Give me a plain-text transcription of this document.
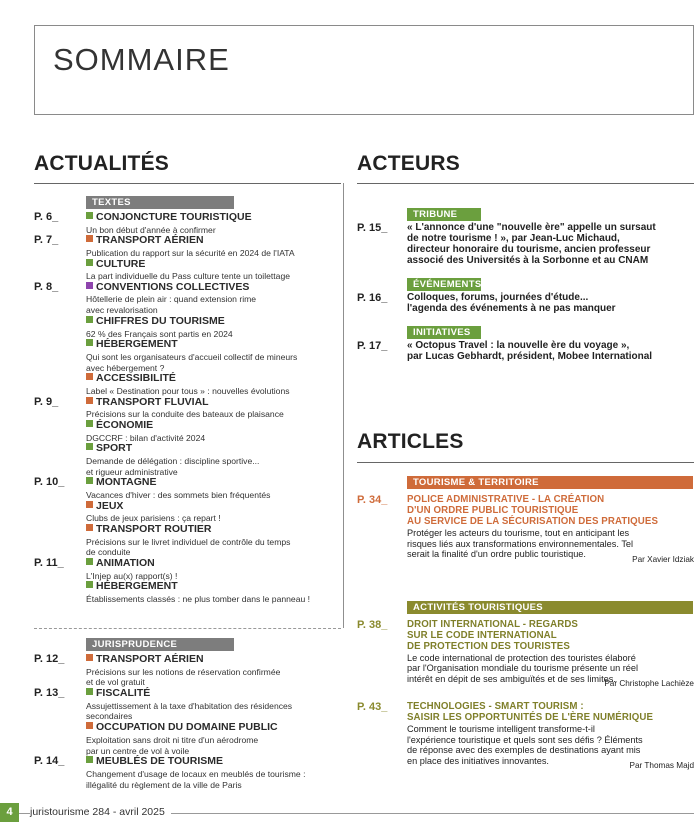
SOMMAIRE
ACTUALITÉS	ACTEURS
ARTICLES
TEXTES
P. 6_	CONJONCTURE TOURISTIQUE
Un bon début d'année à confirmer
P. 7_	TRANSPORT AÉRIEN
Publication du rapport sur la sécurité en 2024 de l'IATA
CULTURE
La part individuelle du Pass culture tente un toilettage
P. 8_	CONVENTIONS COLLECTIVES
Hôtellerie de plein air : quand extension rime
avec revalorisation
CHIFFRES DU TOURISME
62 % des Français sont partis en 2024
HÉBERGEMENT
Qui sont les organisateurs d'accueil collectif de mineurs
avec hébergement ?
ACCESSIBILITÉ
Label « Destination pour tous » : nouvelles évolutions
P. 9_	TRANSPORT FLUVIAL
Précisions sur la conduite des bateaux de plaisance
ÉCONOMIE
DGCCRF : bilan d'activité 2024
SPORT
Demande de délégation : discipline sportive...
et rigueur administrative
P. 10_	MONTAGNE
Vacances d'hiver : des sommets bien fréquentés
JEUX
Clubs de jeux parisiens : ça repart !
TRANSPORT ROUTIER
Précisions sur le livret individuel de contrôle du temps
de conduite
P. 11_	ANIMATION
L'Injep au(x) rapport(s) !
HÉBERGEMENT
Établissements classés : ne plus tomber dans le panneau !
JURISPRUDENCE
P. 12_	TRANSPORT AÉRIEN
Précisions sur les notions de réservation confirmée
et de vol gratuit
P. 13_	FISCALITÉ
Assujettissement à la taxe d'habitation des résidences
secondaires
OCCUPATION DU DOMAINE PUBLIC
Exploitation sans droit ni titre d'un aérodrome
par un centre de vol à voile
P. 14_	MEUBLÉS DE TOURISME
Changement d'usage de locaux en meublés de tourisme :
illégalité du règlement de la ville de Paris
TRIBUNE
P. 15_ « L'annonce d'une "nouvelle ère" appelle un sursaut
de notre tourisme ! », par Jean-Luc Michaud,
directeur honoraire du tourisme, ancien professeur
associé des Universités à la Sorbonne et au CNAM
ÉVÉNEMENTS
P. 16_ Colloques, forums, journées d'étude...
l'agenda des événements à ne pas manquer
INITIATIVES
P. 17_ « Octopus Travel : la nouvelle ère du voyage »,
par Lucas Gebhardt, président, Mobee International
TOURISME & TERRITOIRE
P. 34_ POLICE ADMINISTRATIVE - LA CRÉATION
D'UN ORDRE PUBLIC TOURISTIQUE
AU SERVICE DE LA SÉCURISATION DES PRATIQUES
Protéger les acteurs du tourisme, tout en anticipant les
risques liés aux transformations environnementales. Tel
serait la finalité d'un ordre public touristique.	Par Xavier Idziak
ACTIVITÉS TOURISTIQUES
P. 38_ DROIT INTERNATIONAL - REGARDS
SUR LE CODE INTERNATIONAL
DE PROTECTION DES TOURISTES
Le code international de protection des touristes élaboré
par l'Organisation mondiale du tourisme présente un réel
intérêt en dépit de ses ambiguïtés et de ses limites.
Par Christophe Lachièze
P. 43_ TECHNOLOGIES - SMART TOURISM :
SAISIR LES OPPORTUNITÉS DE L'ÈRE NUMÉRIQUE
Comment le tourisme intelligent transforme-t-il
l'expérience touristique et quels sont ses défis ? Éléments
de réponse avec des exemples de destinations ayant mis
en place des initiatives innovantes.	Par Thomas Majd
4	juristourisme 284 - avril 2025
